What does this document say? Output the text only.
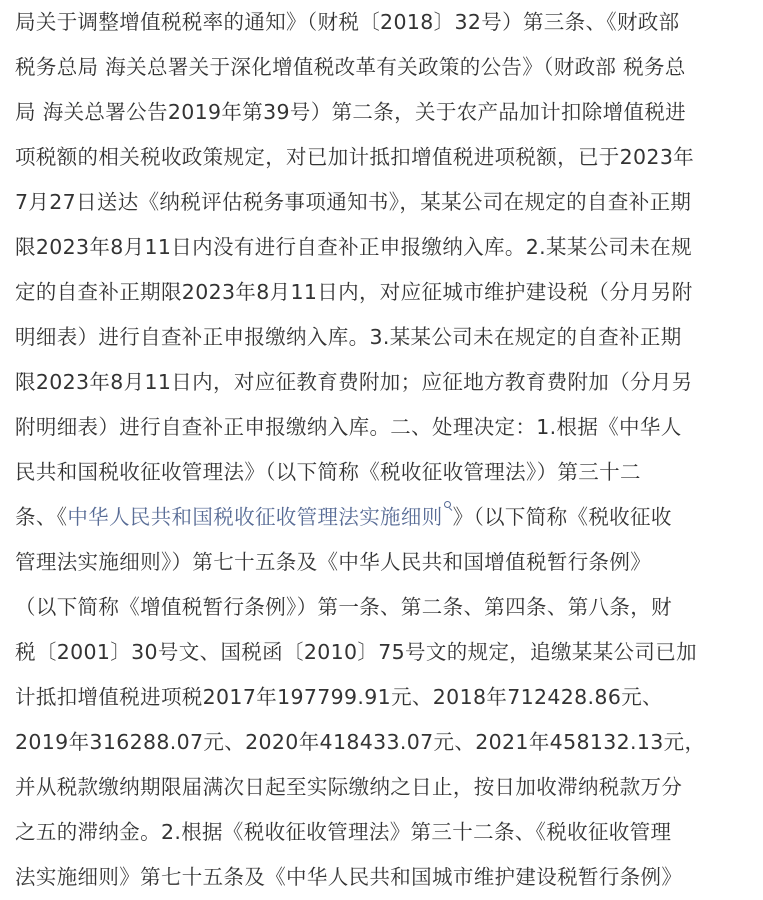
局关于调整增值税税率的通知》（财税〔2018〕32号）第三条、《财政部
税务总局 海关总署关于深化增值税改革有关政策的公告》（财政部 税务总
局 海关总署公告2019年第39号）第二条，关于农产品加计扣除增值税进
项税额的相关税收政策规定，对已加计抵扣增值税进项税额，已于2023年
7月27日送达《纳税评估税务事项通知书》，某某公司在规定的自查补正期
限2023年8月11日内没有进行自查补正申报缴纳入库。2.某某公司未在规
定的自查补正期限2023年8月11日内，对应征城市维护建设税（分月另附
明细表）进行自查补正申报缴纳入库。3.某某公司未在规定的自查补正期
限2023年8月11日内，对应征教育费附加；应征地方教育费附加（分月另
附明细表）进行自查补正申报缴纳入库。二、处理决定：1.根据《中华人
民共和国税收征收管理法》（以下简称《税收征收管理法》）第三十二
条、《中华人民共和国税收征收管理法实施细则 》（以下简称《税收征收
管理法实施细则》）第七十五条及《中华人民共和国增值税暂行条例》
（以下简称《增值税暂行条例》）第一条、第二条、第四条、第八条，财
税〔2001〕30号文、国税函〔2010〕75号文的规定，追缴某某公司已加
计抵扣增值税进项税2017年197799.91元、2018年712428.86元、
2019年316288.07元、2020年418433.07元、2021年458132.13元，
并从税款缴纳期限届满次日起至实际缴纳之日止，按日加收滞纳税款万分
之五的滞纳金。2.根据《税收征收管理法》第三十二条、《税收征收管理
法实施细则》第七十五条及《中华人民共和国城市维护建设税暂行条例》
